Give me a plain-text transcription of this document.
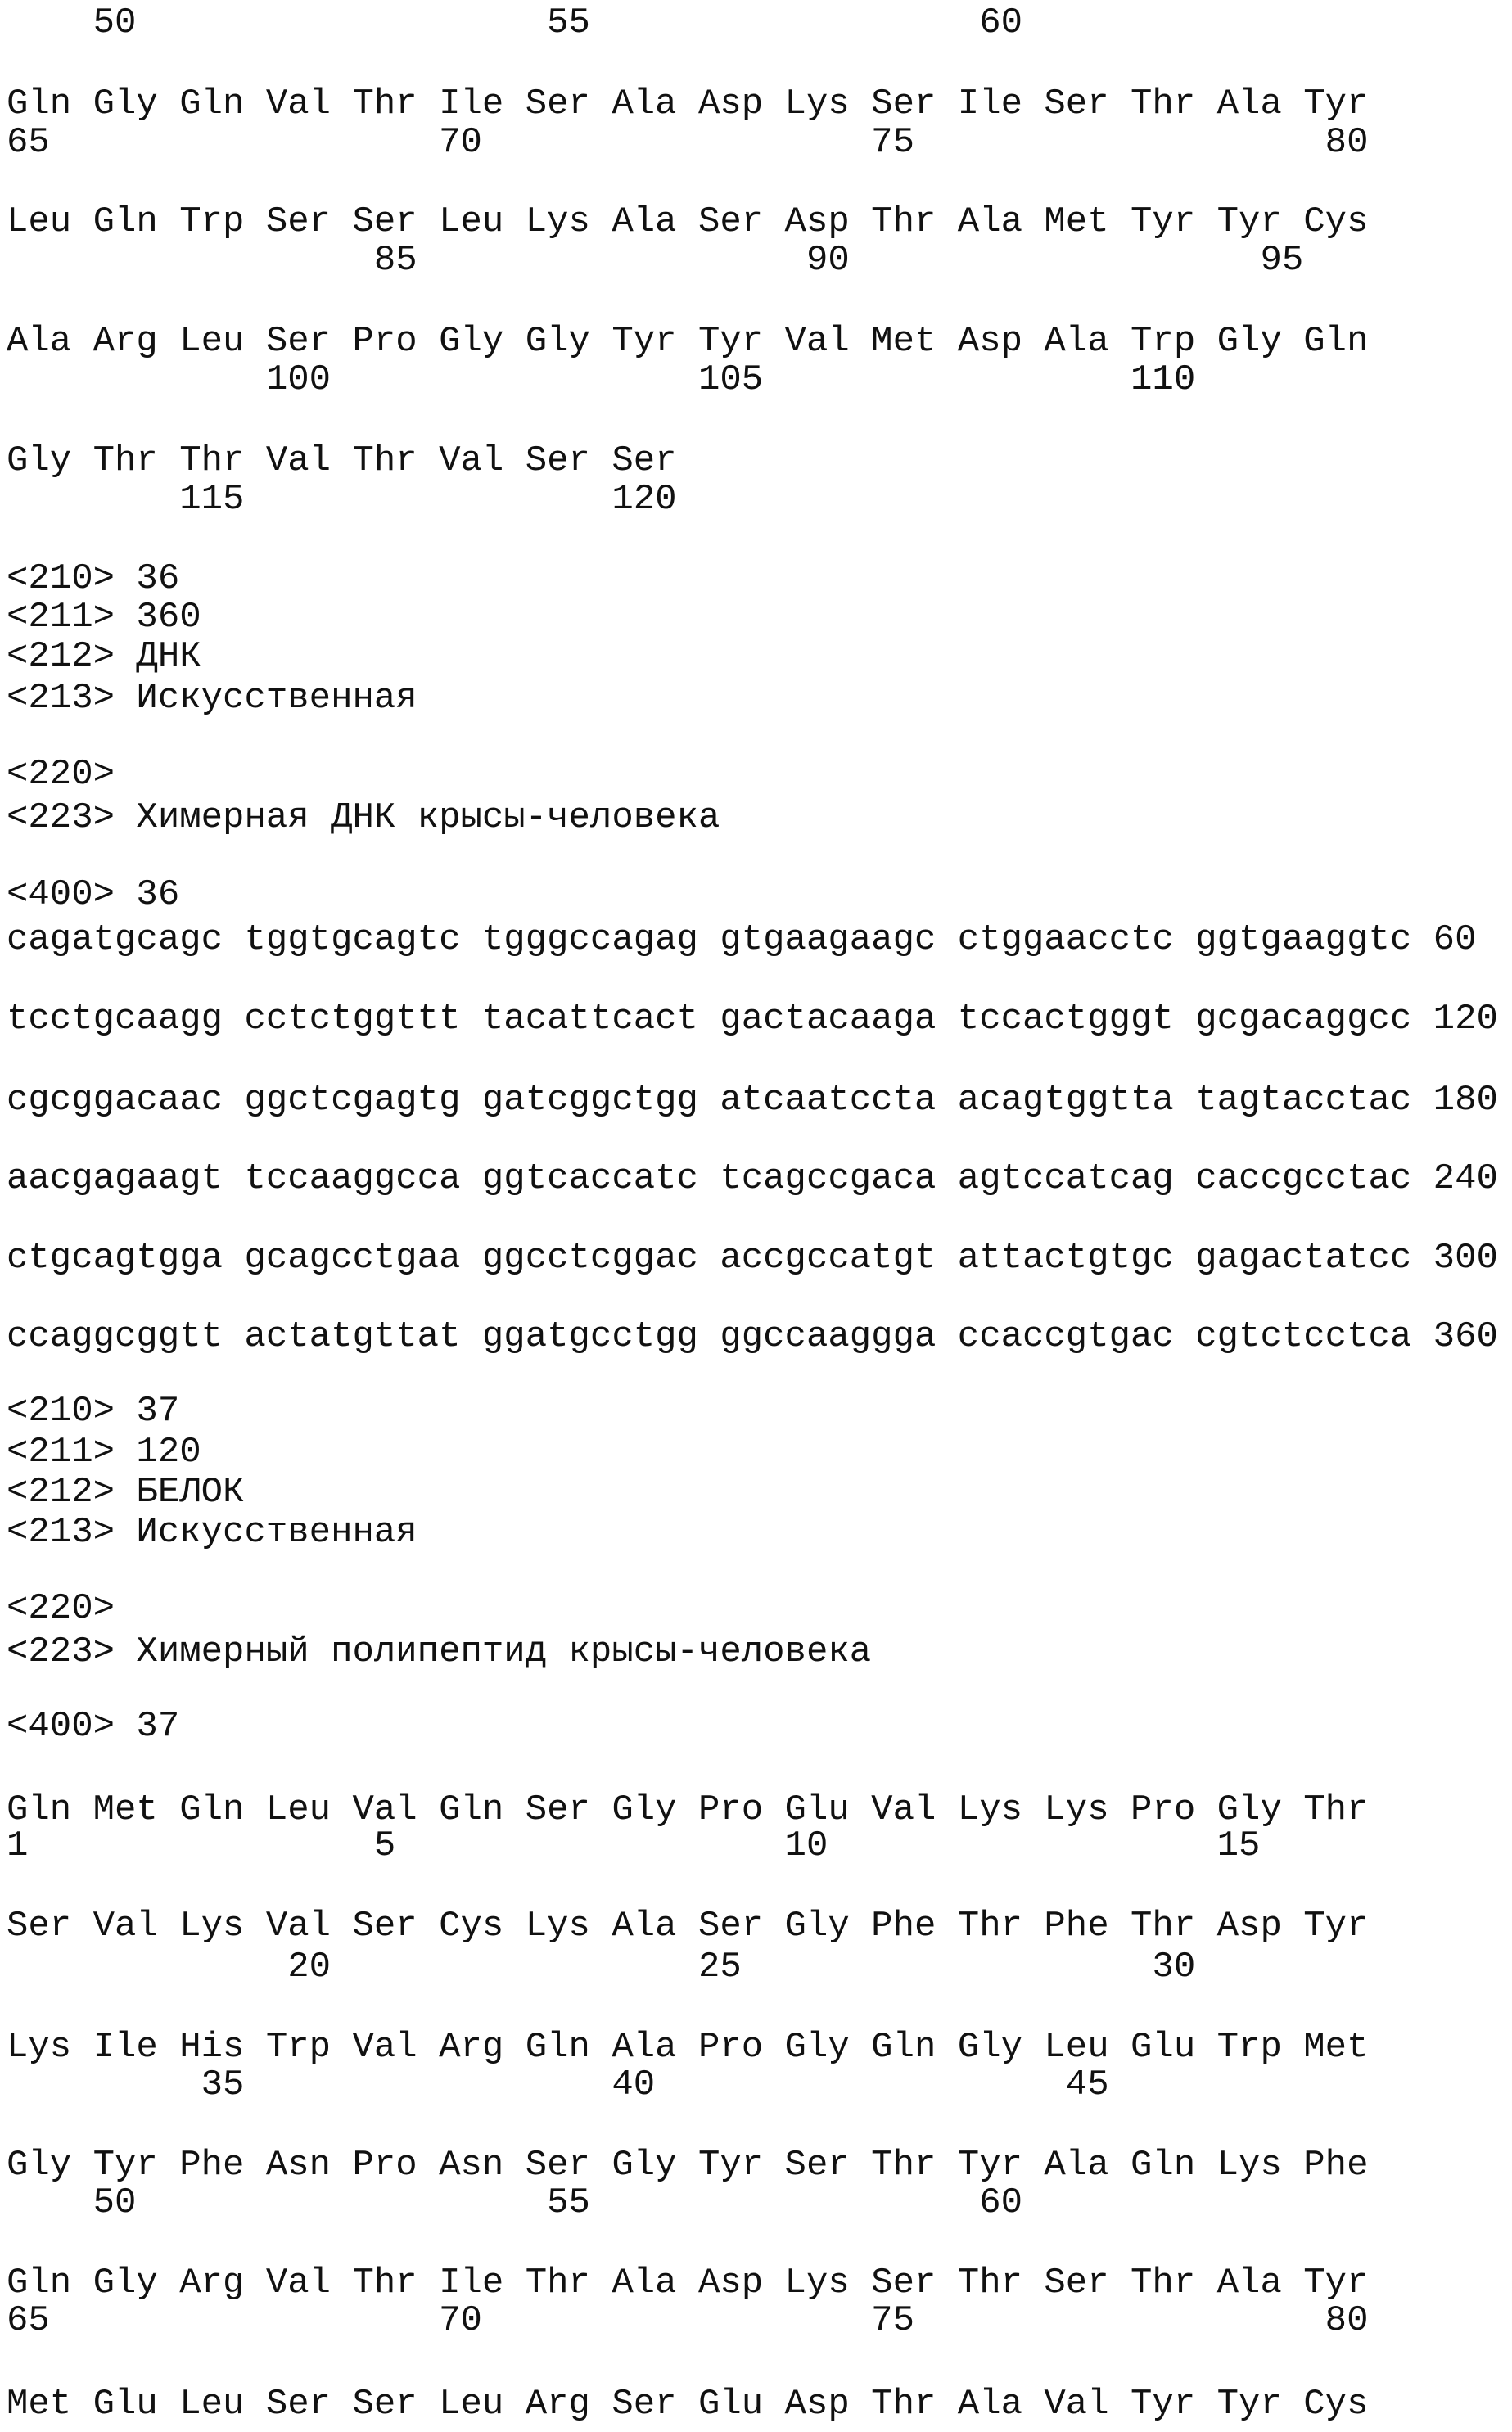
50                   55                  60
Gln Gly Gln Val Thr Ile Ser Ala Asp Lys Ser Ile Ser Thr Ala Tyr
65                  70                  75                   80
Leu Gln Trp Ser Ser Leu Lys Ala Ser Asp Thr Ala Met Tyr Tyr Cys
85                  90                   95
Ala Arg Leu Ser Pro Gly Gly Tyr Tyr Val Met Asp Ala Trp Gly Gln
100                 105                 110
Gly Thr Thr Val Thr Val Ser Ser
115                 120
<210> 36
<211> 360
<212> ДНК
<213> Искусственная
<220>
<223> Химерная ДНК крысы-человека
<400> 36
cagatgcagc tggtgcagtc tgggccagag gtgaagaagc ctggaacctc ggtgaaggtc 60
tcctgcaagg cctctggttt tacattcact gactacaaga tccactgggt gcgacaggcc 120
cgcggacaac ggctcgagtg gatcggctgg atcaatccta acagtggtta tagtacctac 180
aacgagaagt tccaaggcca ggtcaccatc tcagccgaca agtccatcag caccgcctac 240
ctgcagtgga gcagcctgaa ggcctcggac accgccatgt attactgtgc gagactatcc 300
ccaggcggtt actatgttat ggatgcctgg ggccaaggga ccaccgtgac cgtctcctca 360
<210> 37
<211> 120
<212> БЕЛОК
<213> Искусственная
<220>
<223> Химерный полипептид крысы-человека
<400> 37
Gln Met Gln Leu Val Gln Ser Gly Pro Glu Val Lys Lys Pro Gly Thr
1                5                  10                  15
Ser Val Lys Val Ser Cys Lys Ala Ser Gly Phe Thr Phe Thr Asp Tyr
20                 25                   30
Lys Ile His Trp Val Arg Gln Ala Pro Gly Gln Gly Leu Glu Trp Met
35                 40                   45
Gly Tyr Phe Asn Pro Asn Ser Gly Tyr Ser Thr Tyr Ala Gln Lys Phe
50                   55                  60
Gln Gly Arg Val Thr Ile Thr Ala Asp Lys Ser Thr Ser Thr Ala Tyr
65                  70                  75                   80
Met Glu Leu Ser Ser Leu Arg Ser Glu Asp Thr Ala Val Tyr Tyr Cys
